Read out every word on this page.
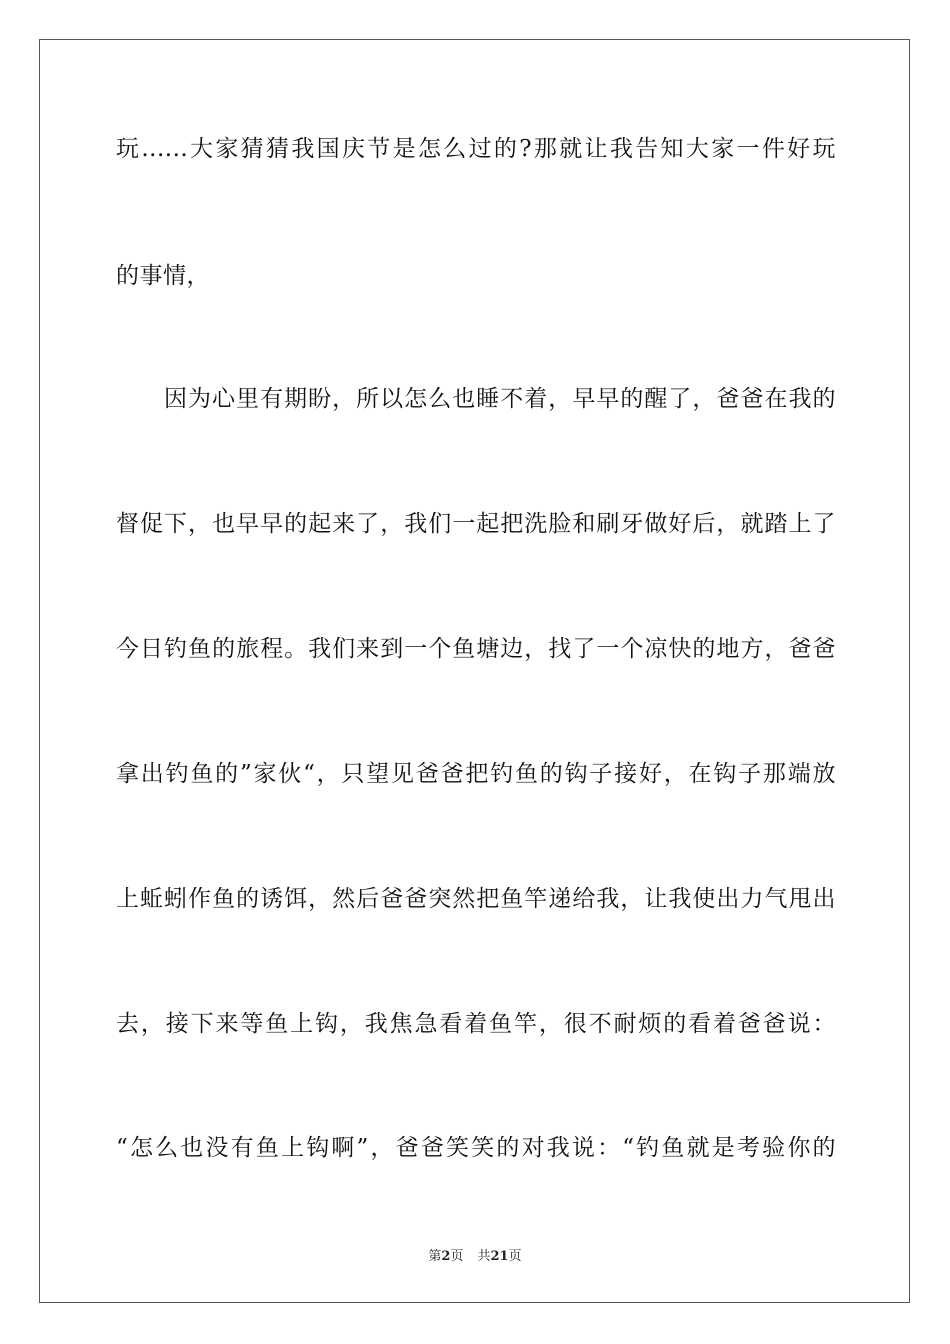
玩......大家猜猜我国庆节是怎么过的?那就让我告知大家一件好玩
的事情，
因为心里有期盼，所以怎么也睡不着，早早的醒了，爸爸在我的
督促下，也早早的起来了，我们一起把洗脸和刷牙做好后，就踏上了
今日钓鱼的旅程。我们来到一个鱼塘边，找了一个凉快的地方，爸爸
拿出钓鱼的”家伙“，只望见爸爸把钓鱼的钩子接好，在钩子那端放
上蚯蚓作鱼的诱饵，然后爸爸突然把鱼竿递给我，让我使出力气甩出
去，接下来等鱼上钩，我焦急看着鱼竿，很不耐烦的看着爸爸说：
“怎么也没有鱼上钩啊”，爸爸笑笑的对我说：“钓鱼就是考验你的
第2页 共21页
